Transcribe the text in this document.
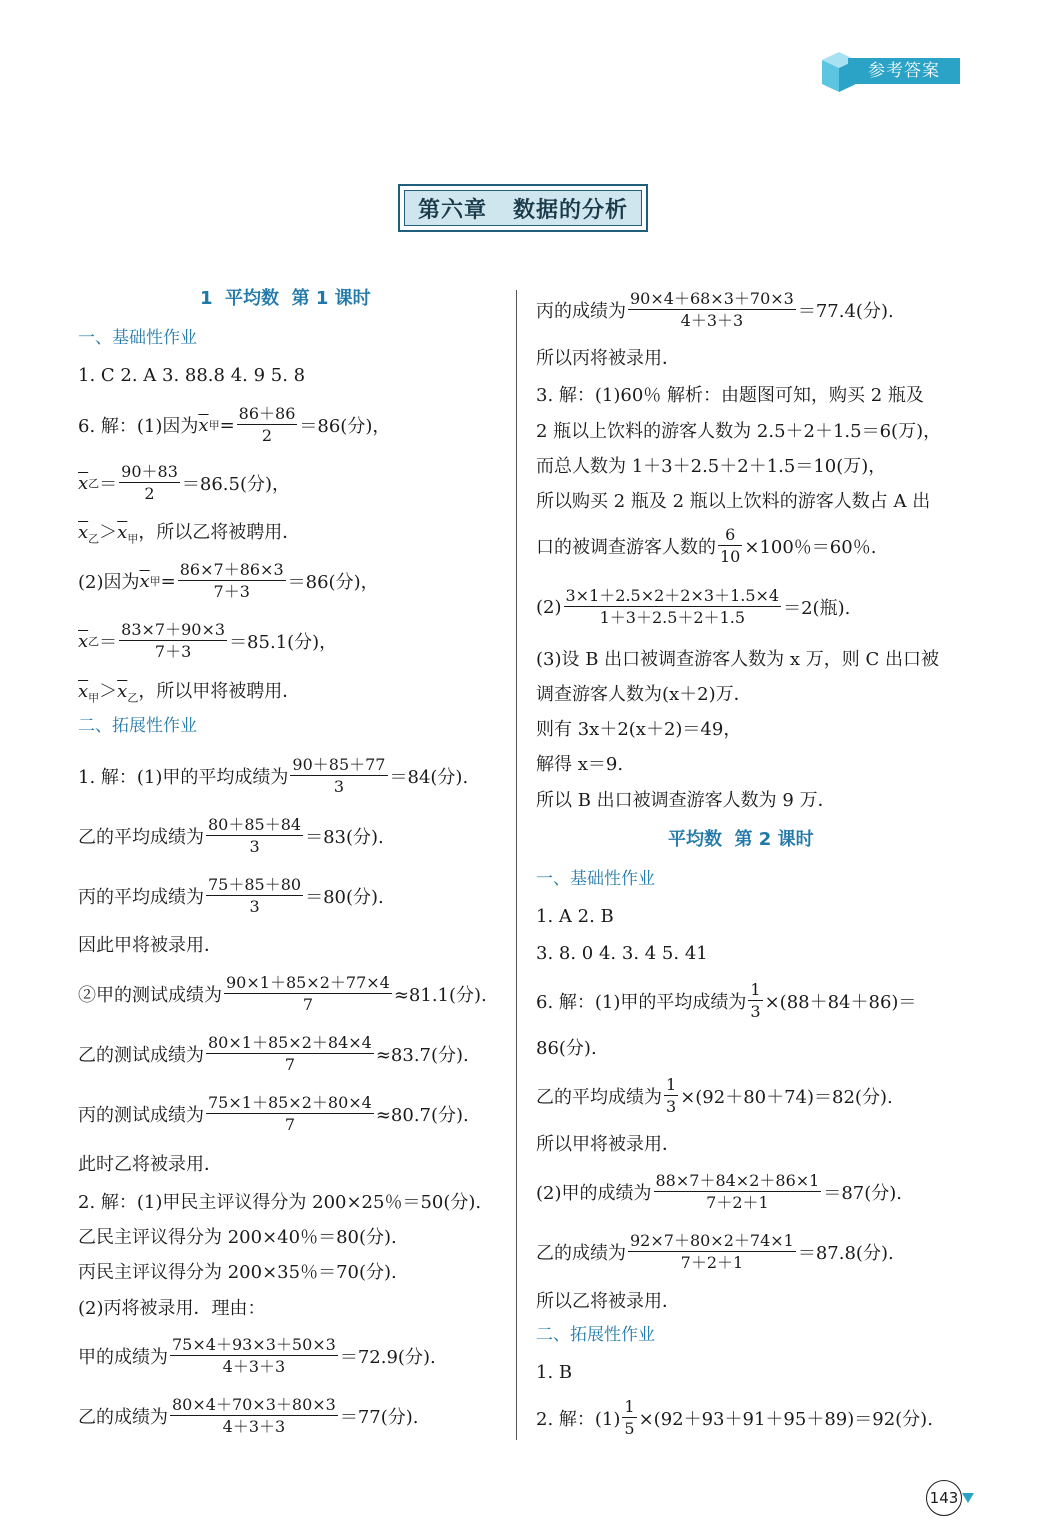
参考答案
第六章   数据的分析
1  平均数  第 1 课时
一、基础性作业
1. C 2. A 3. 88.8 4. 9 5. 8
6. 解：(1)因为 $\overline{x}$ 甲 = $\frac{86+86}{2} =86$(分)，
$\overline{x}$ 乙 ＝ $\frac{90+83}{2} =86.5$(分)，
$\overline{x}_乙>\overline{x}_甲$，所以乙将被聘用．
(2)因为 $\overline{x}$ 甲 = $\frac{86\times 7+86\times 3}{7+3} =86$(分)，
$\overline{x}$ 乙 ＝ $\frac{83\times 7+90\times 3}{7+3} =85.1$(分)，
$\overline{x}_甲>\overline{x}_乙$，所以甲将被聘用．
二、拓展性作业
1. 解：(1)甲的平均成绩为 $\frac{90+85+77}{3} =84$(分).
乙的平均成绩为 $\frac{80+85+84}{3} =83$(分).
丙的平均成绩为 $\frac{75+85+80}{3} =80$(分).
因此甲将被录用．
②甲的测试成绩为 $\frac{90\times 1+85\times 2+77\times 4}{7} \approx 81.1$(分).
乙的测试成绩为 $\frac{80\times 1+85\times 2+84\times 4}{7} \approx 83.7$(分).
丙的测试成绩为 $\frac{75\times 1+85\times 2+80\times 4}{7} \approx 80.7$(分).
此时乙将被录用．
2. 解：(1)甲民主评议得分为 200×25％＝50(分).
乙民主评议得分为 200×40％＝80(分).
丙民主评议得分为 200×35％＝70(分).
(2)丙将被录用．理由：
甲的成绩为 $\frac{75\times 4+93\times 3+50\times 3}{4+3+3} =72.9$(分).
乙的成绩为 $\frac{80\times 4+70\times 3+80\times 3}{4+3+3} =77$(分).
丙的成绩为 $\frac{90\times 4+68\times 3+70\times 3}{4+3+3} =77.4$(分).
所以丙将被录用．
3. 解：(1)60％ 解析：由题图可知，购买 2 瓶及
2 瓶以上饮料的游客人数为 2.5＋2＋1.5＝6(万)，
而总人数为 1＋3＋2.5＋2＋1.5＝10(万)，
所以购买 2 瓶及 2 瓶以上饮料的游客人数占 A 出
口的被调查游客人数的 $\frac{6}{10} \times 100$％＝60％.
$(2) \frac{3\times 1+2.5\times 2+2\times 3+1.5\times 4}{1+3+2.5+2+1.5} =2$(瓶).
(3)设 B 出口被调查游客人数为 x 万，则 C 出口被
调查游客人数为(x＋2)万．
则有 3x＋2(x＋2)＝49，
解得 x＝9.
所以 B 出口被调查游客人数为 9 万．
平均数  第 2 课时
一、基础性作业
1. A 2. B
3. 8. 0 4. 3. 4 5. 41
6. 解：(1)甲的平均成绩为 $\frac{1}{3} \times(88+84+86)=$
86(分).
乙的平均成绩为 $\frac{1}{3} \times(92+80+74)=82$(分).
所以甲将被录用．
(2)甲的成绩为 $\frac{88\times 7+84\times 2+86\times 1}{7+2+1} =87$(分).
乙的成绩为 $\frac{92\times 7+80\times 2+74\times 1}{7+2+1} =87.8$(分).
所以乙将被录用．
二、拓展性作业
1. B
2. 解：$(1) \frac{1}{5} \times(92+93+91+95+89)=92$(分).
143
